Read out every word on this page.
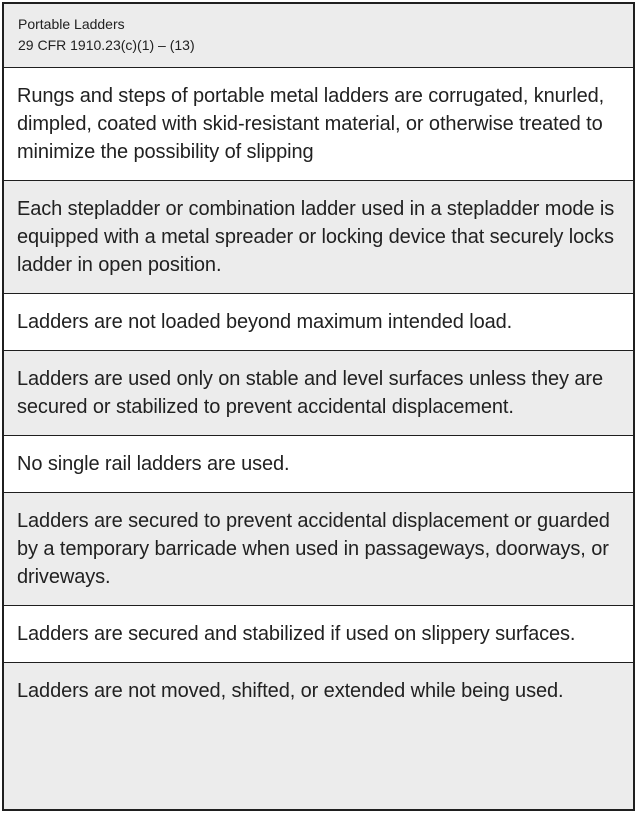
Portable Ladders
29 CFR 1910.23(c)(1) – (13)
Rungs and steps of portable metal ladders are corrugated, knurled, dimpled, coated with skid-resistant material, or otherwise treated to minimize the possibility of slipping
Each stepladder or combination ladder used in a stepladder mode is equipped with a metal spreader or locking device that securely locks ladder in open position.
Ladders are not loaded beyond maximum intended load.
Ladders are used only on stable and level surfaces unless they are secured or stabilized to prevent accidental displacement.
No single rail ladders are used.
Ladders are secured to prevent accidental displacement or guarded by a temporary barricade when used in passageways, doorways, or driveways.
Ladders are secured and stabilized if used on slippery surfaces.
Ladders are not moved, shifted, or extended while being used.
